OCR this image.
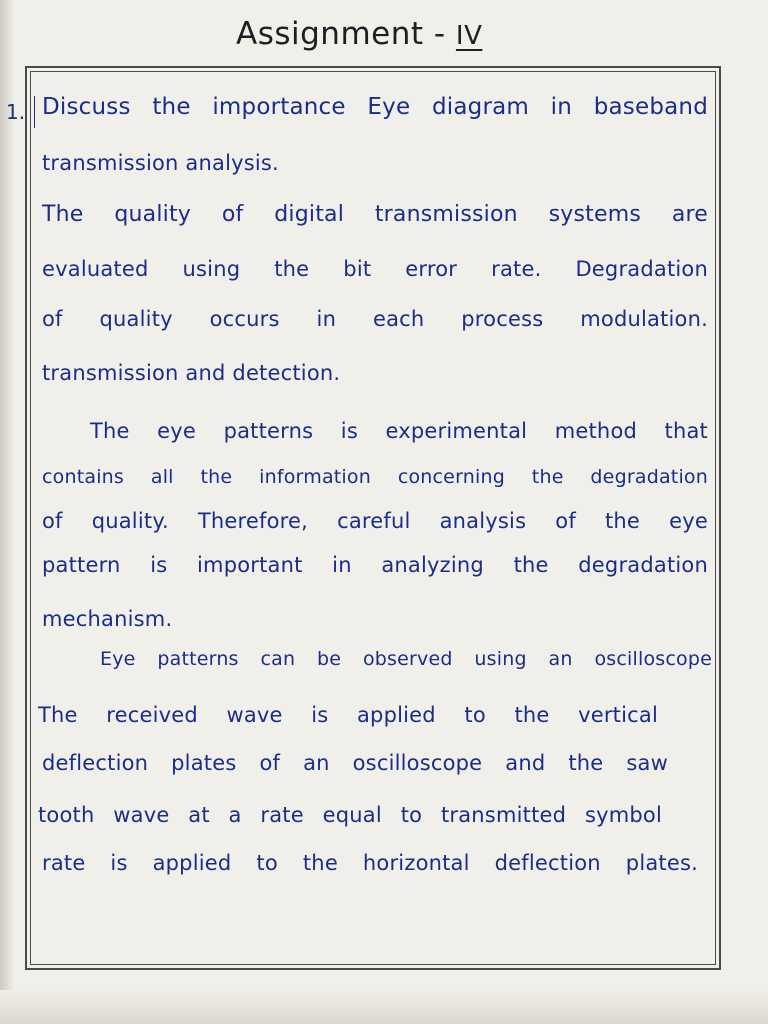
Assignment - IV
1. Discuss the importance Eye diagram in baseband
transmission analysis.
The quality of digital transmission systems are
evaluated using the bit error rate. Degradation
of quality occurs in each process modulation.
transmission and detection.
The eye patterns is experimental method that
contains all the information concerning the degradation
of quality. Therefore, careful analysis of the eye
pattern is important in analyzing the degradation
mechanism.
Eye patterns can be observed using an oscilloscope
The received wave is applied to the vertical
deflection plates of an oscilloscope and the saw
tooth wave at a rate equal to transmitted symbol
rate is applied to the horizontal deflection plates.
